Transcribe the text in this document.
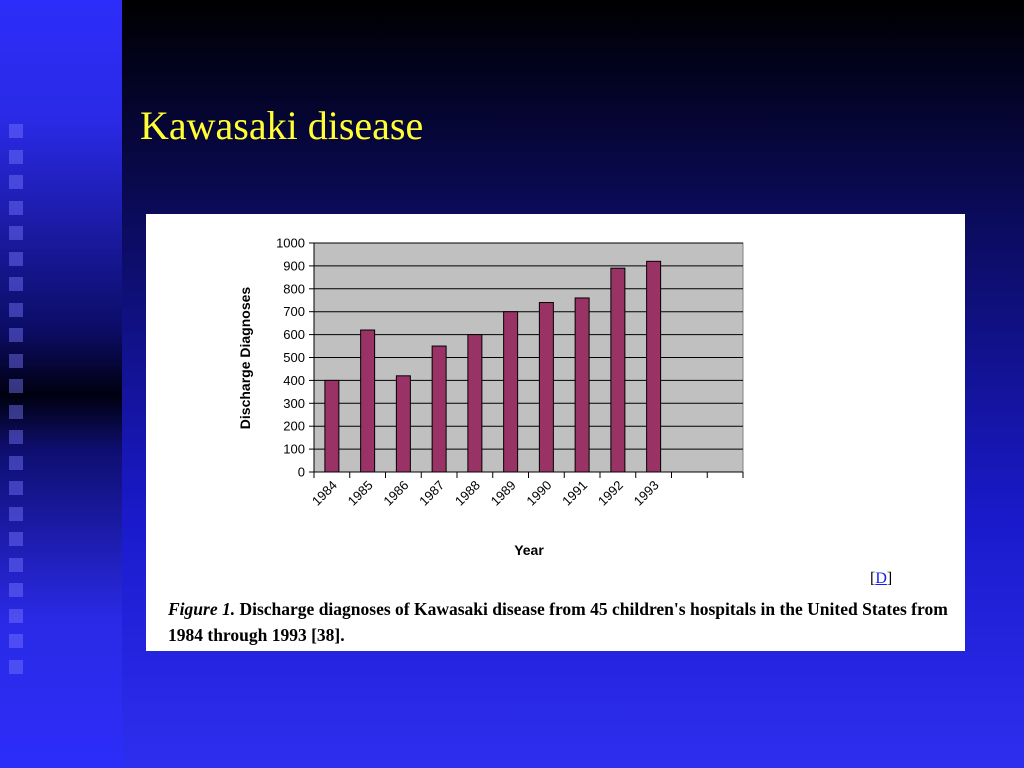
Kawasaki disease
0
100
200
300
400
500
600
700
800
900
1000
1984 1985 1986 1987 1988 1989 1990 1991 1992 1993
Year
Discharge Diagnoses
[D]
Figure 1. Discharge diagnoses of Kawasaki disease from 45 children's hospitals in the United States from 1984 through 1993 [38].
